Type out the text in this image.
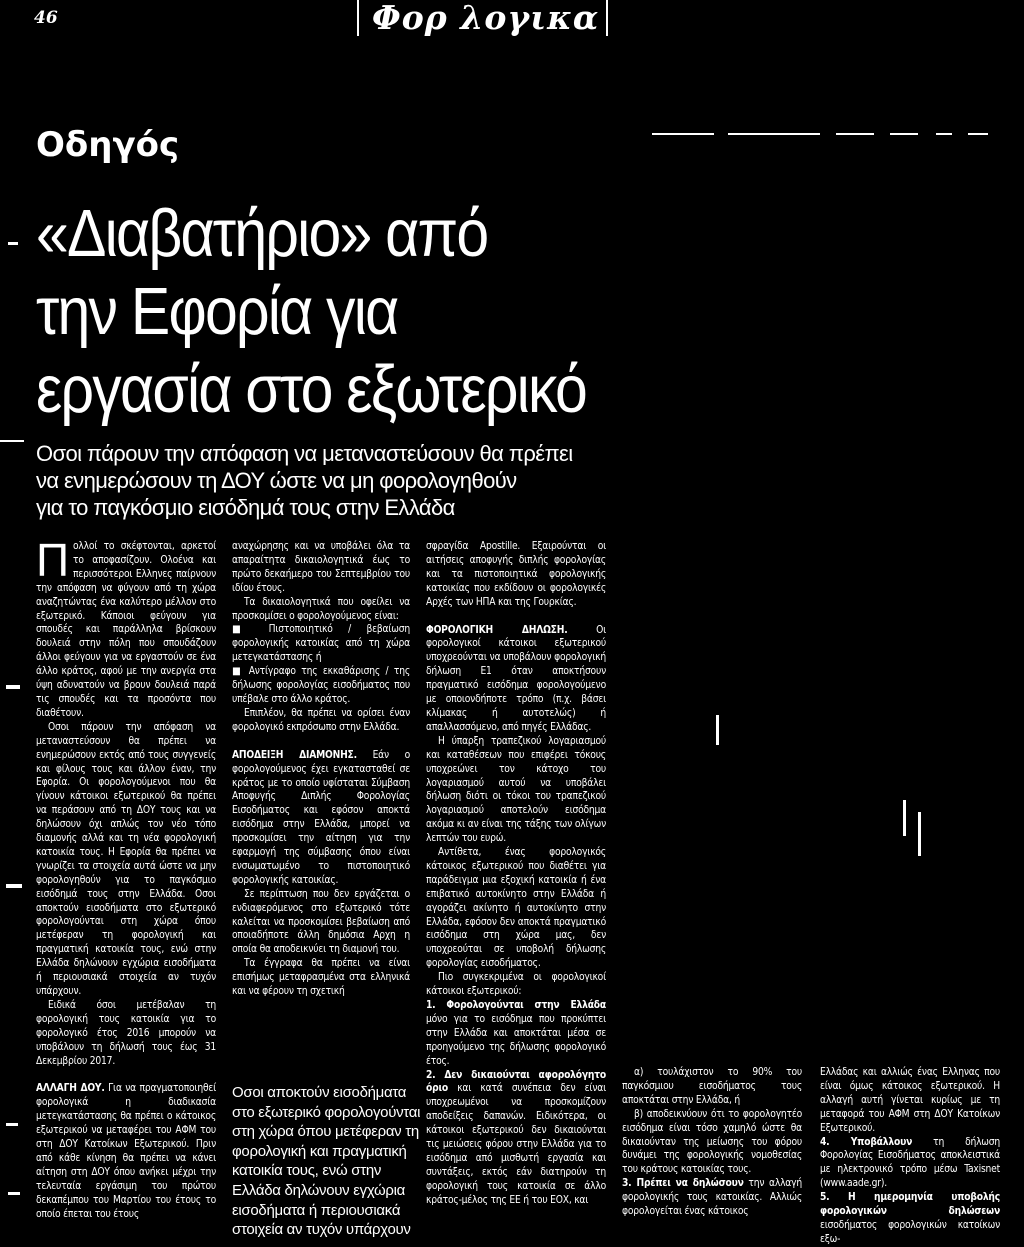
46	Φορ λογικα
Οδηγός
«Διαβατήριο» από
την Εφορία για
εργασία στο εξωτερικό

Οσοι πάρουν την απόφαση να μεταναστεύσουν θα πρέπει
να ενημερώσουν τη ΔΟΥ ώστε να μη φορολογηθούν
για το παγκόσμιο εισόδημά τους στην Ελλάδα

Π ολλοί το σκέφτονται, αρκετοί το αποφασίζουν. Ολοένα και περισσότεροι Ελληνες παίρνουν την απόφαση να φύγουν από τη χώρα αναζητώντας ένα καλύτερο μέλλον στο εξωτερικό. Κάποιοι φεύγουν για σπουδές και παράλληλα βρίσκουν δουλειά στην πόλη που σπουδάζουν άλλοι φεύγουν για να εργαστούν σε ένα άλλο κράτος, αφού με την ανεργία στα ύψη αδυνατούν να βρουν δουλειά παρά τις σπουδές και τα προσόντα που διαθέτουν.

Οσοι πάρουν την απόφαση να μεταναστεύσουν θα πρέπει να ενημερώσουν εκτός από τους συγγενείς και φίλους τους και άλλον έναν, την Εφορία. Οι φορολογούμενοι που θα γίνουν κάτοικοι εξωτερικού θα πρέπει να περάσουν από τη ΔΟΥ τους και να δηλώσουν όχι απλώς τον νέο τόπο διαμονής αλλά και τη νέα φορολογική κατοικία τους. Η Εφορία θα πρέπει να γνωρίζει τα στοιχεία αυτά ώστε να μην φορολογηθούν για το παγκόσμιο εισόδημά τους στην Ελλάδα. Οσοι αποκτούν εισοδήματα στο εξωτερικό φορολογούνται στη χώρα όπου μετέφεραν τη φορολογική και πραγματική κατοικία τους, ενώ στην Ελλάδα δηλώνουν εγχώρια εισοδήματα ή περιουσιακά στοιχεία αν τυχόν υπάρχουν.

Ειδικά όσοι μετέβαλαν τη φορολογική τους κατοικία για το φορολογικό έτος 2016 μπορούν να υποβάλουν τη δήλωσή τους έως 31 Δεκεμβρίου 2017.

ΑΛΛΑΓΗ ΔΟΥ. Για να πραγματοποιηθεί φορολογικά η διαδικασία μετεγκατάστασης θα πρέπει ο κάτοικος εξωτερικού να μεταφέρει του ΑΦΜ του στη ΔΟΥ Κατοίκων Εξωτερικού. Πριν από κάθε κίνηση θα πρέπει να κάνει αίτηση στη ΔΟΥ όπου ανήκει μέχρι την τελευταία εργάσιμη του πρώτου δεκαπέμπου του Μαρτίου του έτους το οποίο έπεται του έτους

αναχώρησης και να υποβάλει όλα τα απαραίτητα δικαιολογητικά έως το πρώτο δεκαήμερο του Σεπτεμβρίου του ιδίου έτους.

Τα δικαιολογητικά που οφείλει να προσκομίσει ο φορολογούμενος είναι:

■ Πιστοποιητικό / βεβαίωση φορολογικής κατοικίας από τη χώρα μετεγκατάστασης ή

■ Αντίγραφο της εκκαθάρισης / της δήλωσης φορολογίας εισοδήματος που υπέβαλε στο άλλο κράτος.

Επιπλέον, θα πρέπει να ορίσει έναν φορολογικό εκπρόσωπο στην Ελλάδα.

ΑΠΟΔΕΙΞΗ ΔΙΑΜΟΝΗΣ. Εάν ο φορολογούμενος έχει εγκατασταθεί σε κράτος με το οποίο υφίσταται Σύμβαση Αποφυγής Διπλής Φορολογίας Εισοδήματος και εφόσον αποκτά εισόδημα στην Ελλάδα, μπορεί να προσκομίσει την αίτηση για την εφαρμογή της σύμβασης όπου είναι ενσωματωμένο το πιστοποιητικό φορολογικής κατοικίας.

Σε περίπτωση που δεν εργάζεται ο ενδιαφερόμενος στο εξωτερικό τότε καλείται να προσκομίσει βεβαίωση από οποιαδήποτε άλλη δημόσια Αρχη η οποία θα αποδεικνύει τη διαμονή του.

Τα έγγραφα θα πρέπει να είναι επισήμως μεταφρασμένα στα ελληνικά και να φέρουν τη σχετική

Οσοι αποκτούν εισοδήματα
στο εξωτερικό φορολογούνται
στη χώρα όπου μετέφεραν τη
φορολογική και πραγματική
κατοικία τους, ενώ στην
Ελλάδα δηλώνουν εγχώρια
εισοδήματα ή περιουσιακά
στοιχεία αν τυχόν υπάρχουν

σφραγίδα Apostille. Εξαιρούνται οι αιτήσεις αποφυγής διπλής φορολογίας και τα πιστοποιητικά φορολογικής κατοικίας που εκδίδουν οι φορολογικές Αρχές των ΗΠΑ και της Γουρκίας.

ΦΟΡΟΛΟΓΙΚΗ ΔΗΛΩΣΗ.	Οι φορολογικοί κάτοικοι εξωτερικού υποχρεούνται να υποβάλουν φορολογική δήλωση Ε1 όταν αποκτήσουν πραγματικό εισόδημα φορολογούμενο με οποιονδήποτε τρόπο (π.χ. βάσει κλίμακας ή αυτοτελώς) ή απαλλασσόμενο, από πηγές Ελλάδας.

Η ύπαρξη τραπεζικού λογαριασμού και καταθέσεων που επιφέρει τόκους υποχρεώνει τον κάτοχο του λογαριασμού αυτού να υποβάλει δήλωση διότι οι τόκοι του τραπεζικού λογαριασμού αποτελούν εισόδημα ακόμα κι αν είναι της τάξης των ολίγων λεπτών του ευρώ.

Αντίθετα, ένας φορολογικός κάτοικος εξωτερικού που διαθέτει για παράδειγμα μια εξοχική κατοικία ή ένα επιβατικό αυτοκίνητο στην Ελλάδα ή αγοράζει ακίνητο ή αυτοκίνητο στην Ελλάδα, εφόσον δεν αποκτά πραγματικό εισόδημα στη χώρα μας, δεν υποχρεούται σε υποβολή δήλωσης φορολογίας εισοδήματος.

Πιο συγκεκριμένα οι φορολογικοί κάτοικοι εξωτερικού:

1. Φορολογούνται στην Ελλάδα μόνο για το εισόδημα που προκύπτει στην Ελλάδα και αποκτάται μέσα σε προηγούμενο της δήλωσης φορολογικό έτος.

2. Δεν δικαιούνται αφορολόγητο όριο και κατά συνέπεια δεν είναι υποχρεωμένοι να προσκομίζουν αποδείξεις δαπανών. Ειδικότερα, οι κάτοικοι εξωτερικού δεν δικαιούνται τις μειώσεις φόρου στην Ελλάδα για το εισόδημα από μισθωτή εργασία και συντάξεις, εκτός εάν διατηρούν τη φορολογική τους κατοικία σε άλλο κράτος-μέλος της ΕΕ ή του ΕΟΧ, και

α) τουλάχιστον το 90% του παγκόσμιου εισοδήματος τους αποκτάται στην Ελλάδα, ή

β) αποδεικνύουν ότι το φορολογητέο εισόδημα είναι τόσο χαμηλό ώστε θα δικαιούνταν της μείωσης του φόρου δυνάμει της φορολογικής νομοθεσίας του κράτους κατοικίας τους.

3. Πρέπει να δηλώσουν την αλλαγή φορολογικής τους κατοικίας. Αλλιώς φορολογείται ένας κάτοικος

Ελλάδας και αλλιώς ένας Ελληνας που είναι όμως κάτοικος εξωτερικού. Η αλλαγή αυτή γίνεται κυρίως με τη μεταφορά του ΑΦΜ στη ΔΟΥ Κατοίκων Εξωτερικού.

4. Υποβάλλουν τη δήλωση Φορολογίας Εισοδήματος αποκλειστικά με ηλεκτρονικό τρόπο μέσω Taxisnet (www.aade.gr).

5. Η ημερομηνία υποβολής φορολογικών δηλώσεων εισοδήματος φορολογικών κατοίκων εξω-
